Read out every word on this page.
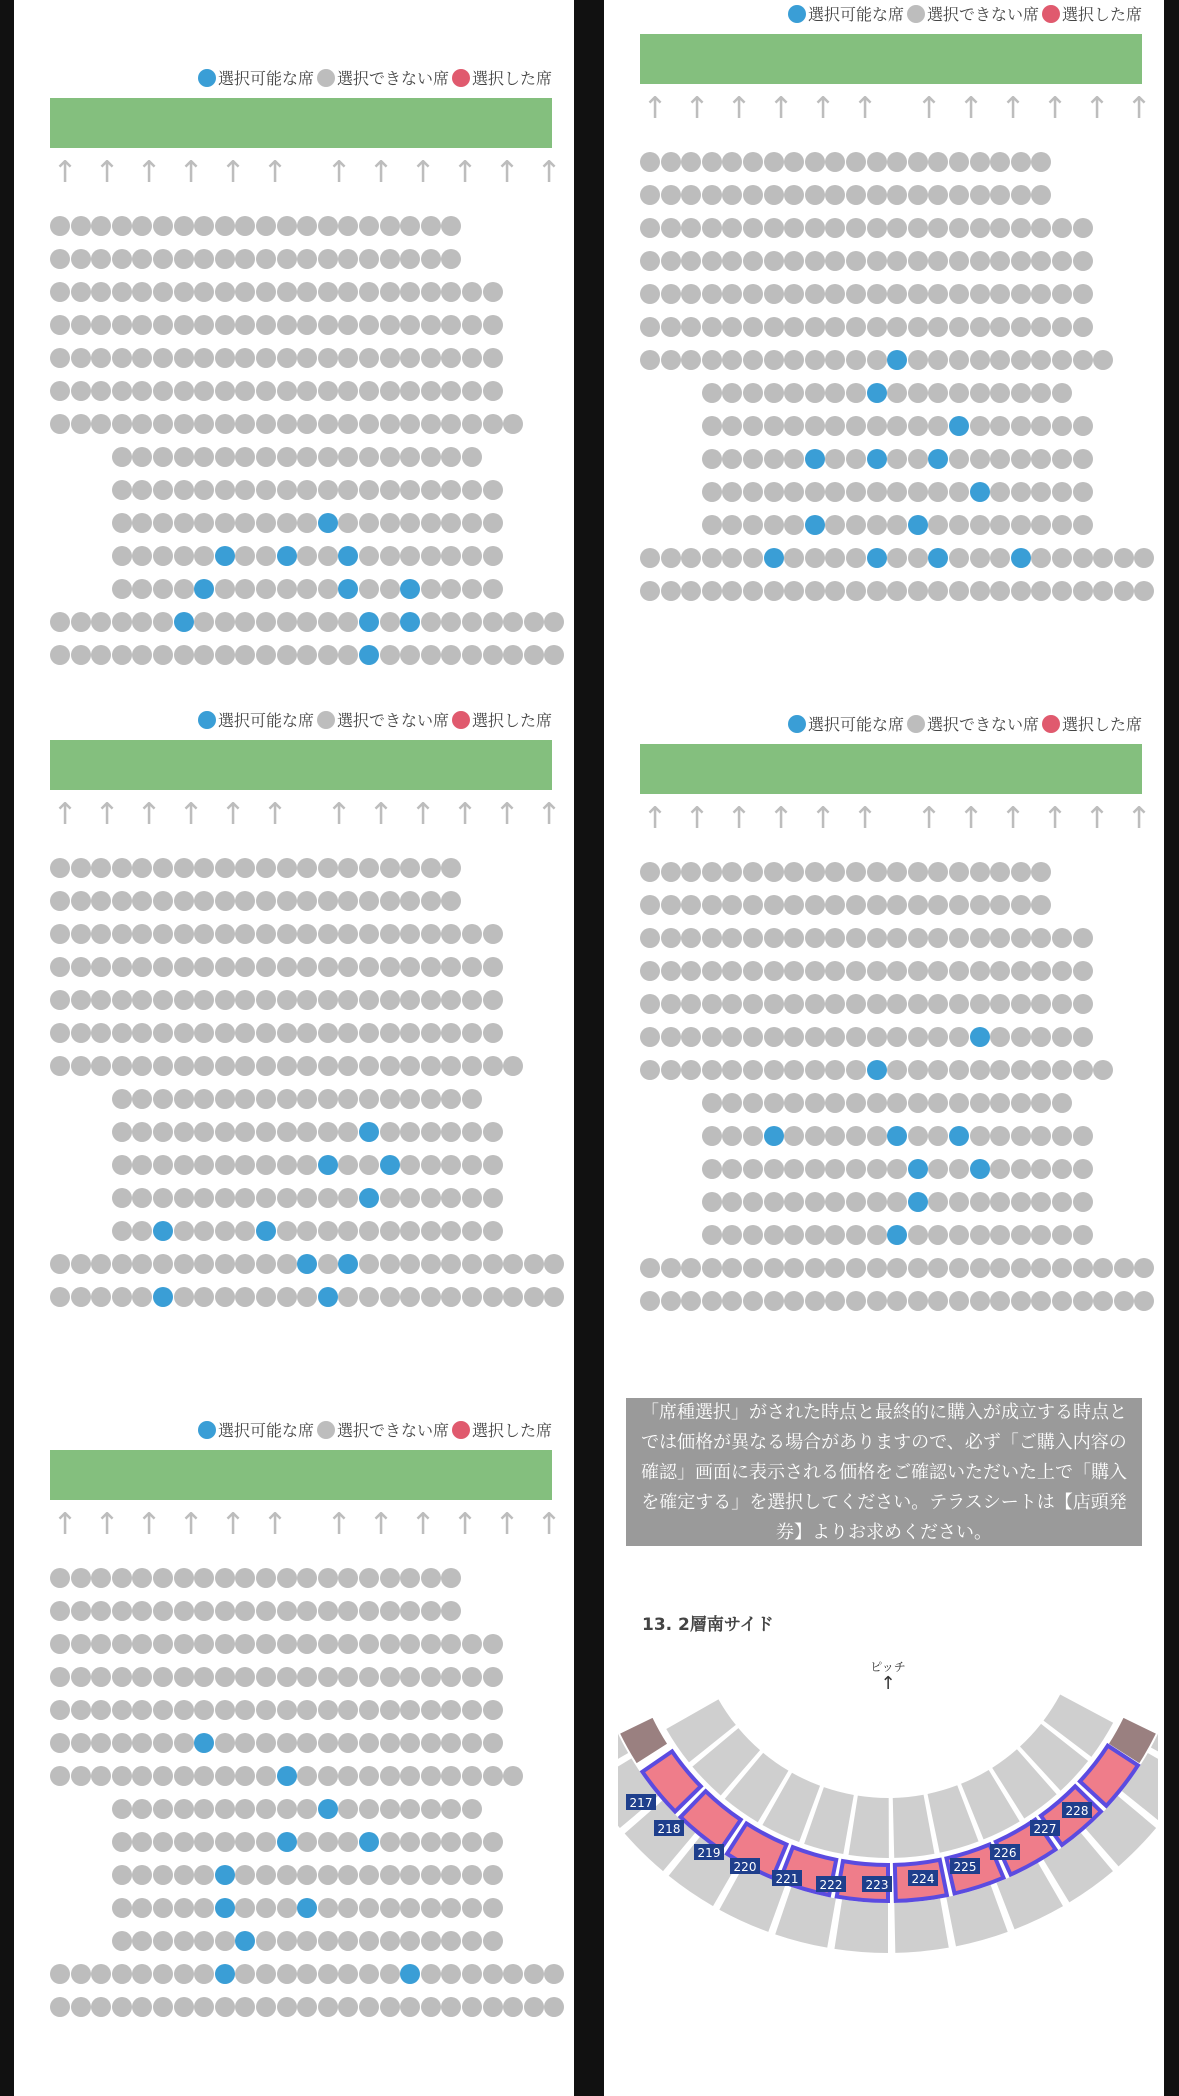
選択可能な席 選択できない席 選択した席
↑ ↑ ↑ ↑ ↑ ↑ ↑ ↑ ↑ ↑ ↑ ↑
選択可能な席 選択できない席 選択した席
↑ ↑ ↑ ↑ ↑ ↑ ↑ ↑ ↑ ↑ ↑ ↑
選択可能な席 選択できない席 選択した席
↑ ↑ ↑ ↑ ↑ ↑ ↑ ↑ ↑ ↑ ↑ ↑
選択可能な席 選択できない席 選択した席
↑ ↑ ↑ ↑ ↑ ↑ ↑ ↑ ↑ ↑ ↑ ↑
選択可能な席 選択できない席 選択した席
↑ ↑ ↑ ↑ ↑ ↑ ↑ ↑ ↑ ↑ ↑ ↑
「席種選択」がされた時点と最終的に購入が成立する時点と
では価格が異なる場合がありますので、必ず「ご購入内容の
確認」画面に表示される価格をご確認いただいた上で「購入
を確定する」を選択してください。テラスシートは【店頭発
券】よりお求めください。
13. 2層南サイド
217
218
219
220
221 222 223 224
225
226
227
228
ピッチ
↑
